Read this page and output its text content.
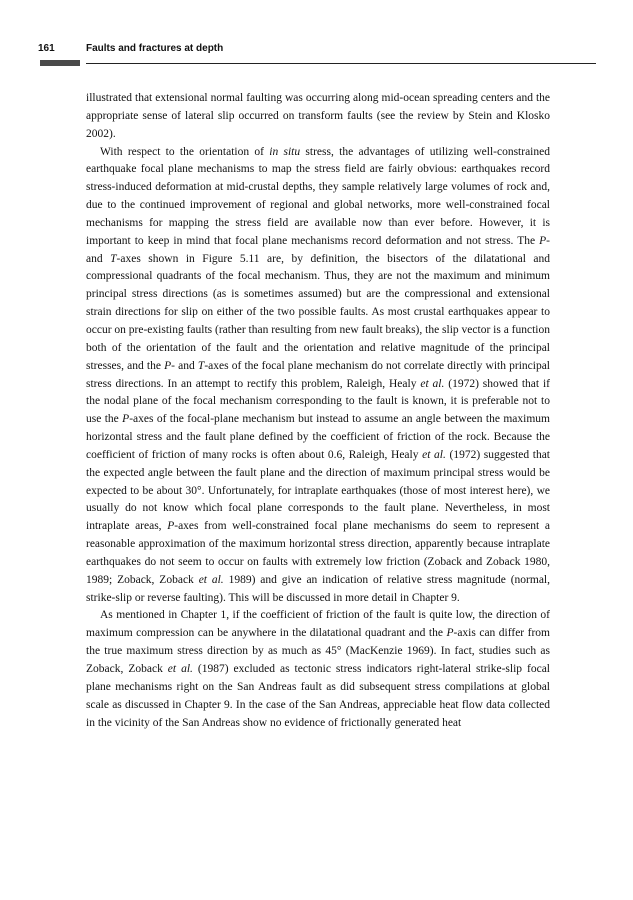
161	Faults and fractures at depth

illustrated that extensional normal faulting was occurring along mid-ocean spreading centers and the appropriate sense of lateral slip occurred on transform faults (see the review by Stein and Klosko 2002).

With respect to the orientation of in situ stress, the advantages of utilizing well-constrained earthquake focal plane mechanisms to map the stress field are fairly obvious: earthquakes record stress-induced deformation at mid-crustal depths, they sample relatively large volumes of rock and, due to the continued improvement of regional and global networks, more well-constrained focal mechanisms for mapping the stress field are available now than ever before. However, it is important to keep in mind that focal plane mechanisms record deformation and not stress. The P- and T-axes shown in Figure 5.11 are, by definition, the bisectors of the dilatational and compressional quadrants of the focal mechanism. Thus, they are not the maximum and minimum principal stress directions (as is sometimes assumed) but are the compressional and extensional strain directions for slip on either of the two possible faults. As most crustal earthquakes appear to occur on pre-existing faults (rather than resulting from new fault breaks), the slip vector is a function both of the orientation of the fault and the orientation and relative magnitude of the principal stresses, and the P- and T-axes of the focal plane mechanism do not correlate directly with principal stress directions. In an attempt to rectify this problem, Raleigh, Healy et al. (1972) showed that if the nodal plane of the focal mechanism corresponding to the fault is known, it is preferable not to use the P-axes of the focal-plane mechanism but instead to assume an angle between the maximum horizontal stress and the fault plane defined by the coefficient of friction of the rock. Because the coefficient of friction of many rocks is often about 0.6, Raleigh, Healy et al. (1972) suggested that the expected angle between the fault plane and the direction of maximum principal stress would be expected to be about 30°. Unfortunately, for intraplate earthquakes (those of most interest here), we usually do not know which focal plane corresponds to the fault plane. Nevertheless, in most intraplate areas, P-axes from well-constrained focal plane mechanisms do seem to represent a reasonable approximation of the maximum horizontal stress direction, apparently because intraplate earthquakes do not seem to occur on faults with extremely low friction (Zoback and Zoback 1980, 1989; Zoback, Zoback et al. 1989) and give an indication of relative stress magnitude (normal, strike-slip or reverse faulting). This will be discussed in more detail in Chapter 9.

As mentioned in Chapter 1, if the coefficient of friction of the fault is quite low, the direction of maximum compression can be anywhere in the dilatational quadrant and the P-axis can differ from the true maximum stress direction by as much as 45° (MacKenzie 1969). In fact, studies such as Zoback, Zoback et al. (1987) excluded as tectonic stress indicators right-lateral strike-slip focal plane mechanisms right on the San Andreas fault as did subsequent stress compilations at global scale as discussed in Chapter 9. In the case of the San Andreas, appreciable heat flow data collected in the vicinity of the San Andreas show no evidence of frictionally generated heat
